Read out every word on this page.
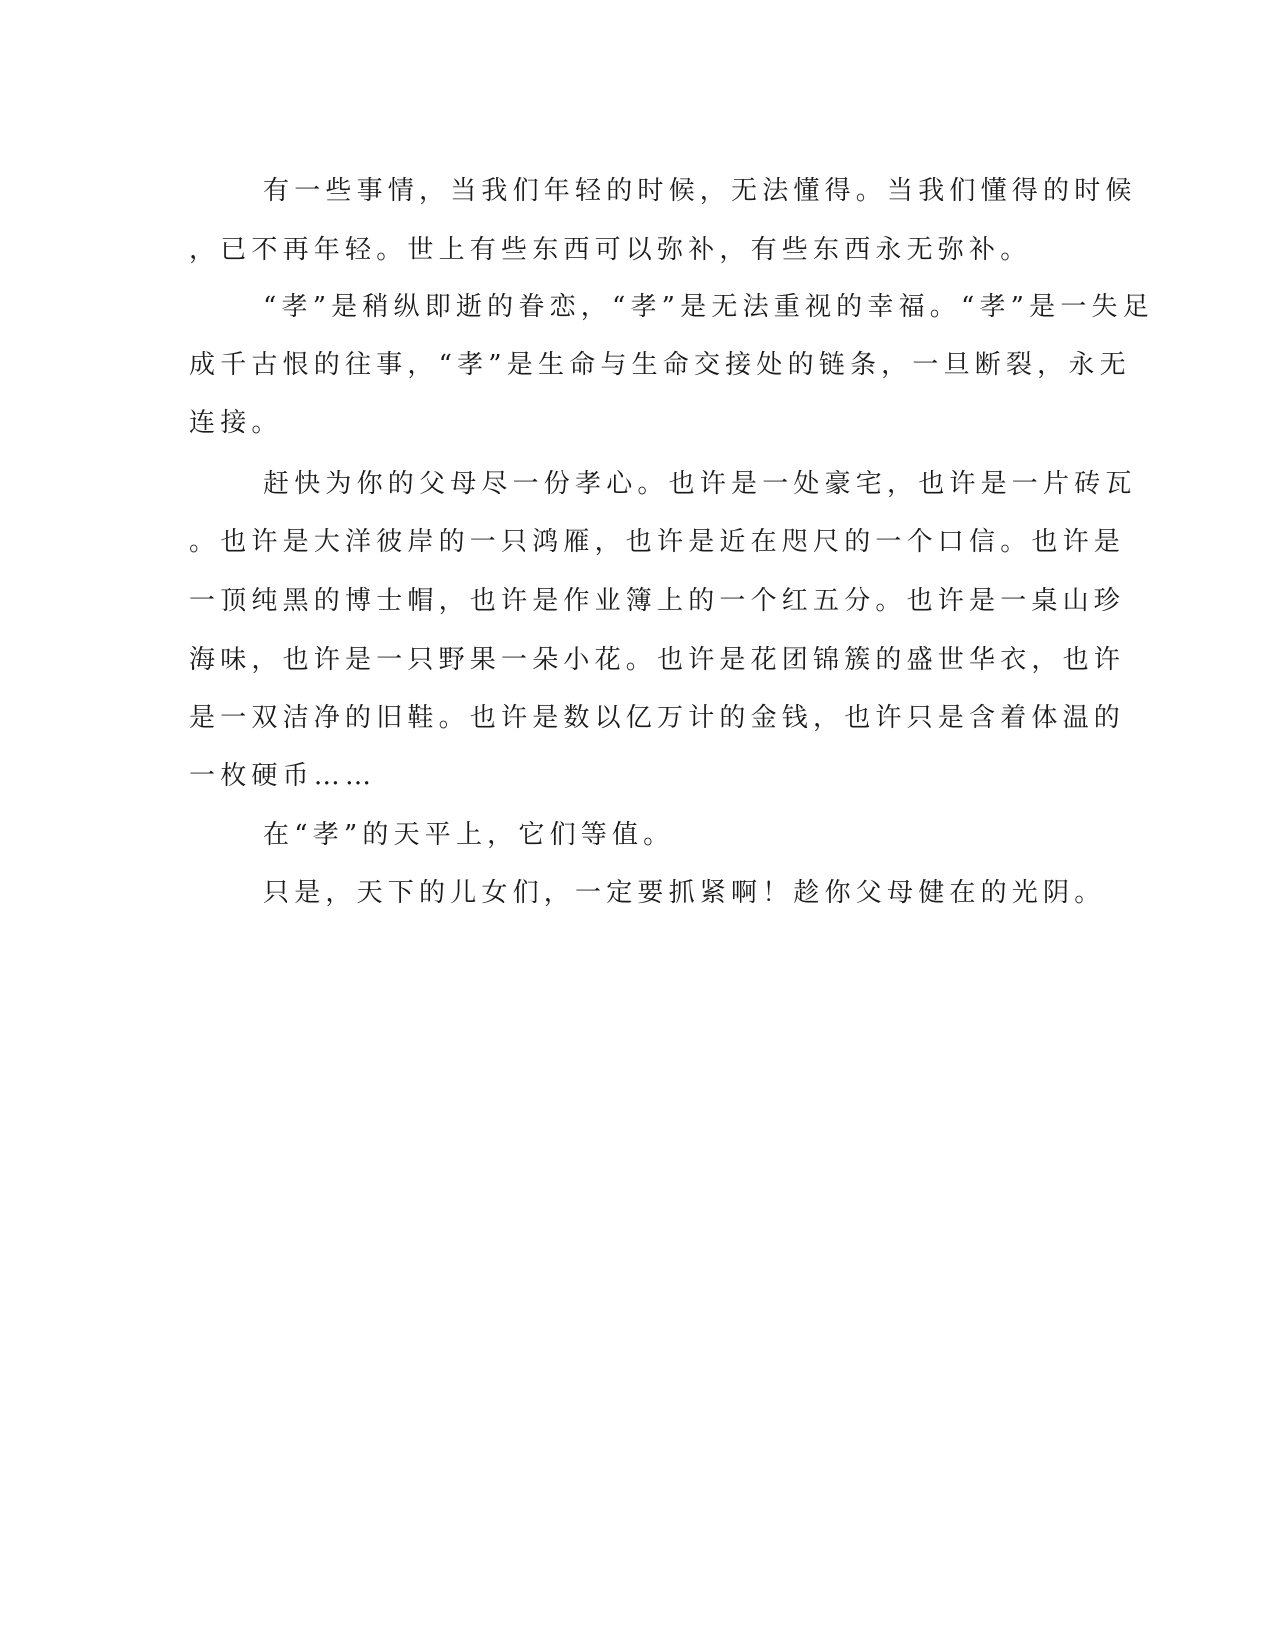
有一些事情，当我们年轻的时候，无法懂得。当我们懂得的时候
，已不再年轻。世上有些东西可以弥补，有些东西永无弥补。
“孝”是稍纵即逝的眷恋，“孝”是无法重视的幸福。“孝”是一失足
成千古恨的往事，“孝”是生命与生命交接处的链条，一旦断裂，永无
连接。
赶快为你的父母尽一份孝心。也许是一处豪宅，也许是一片砖瓦
。也许是大洋彼岸的一只鸿雁，也许是近在咫尺的一个口信。也许是
一顶纯黑的博士帽，也许是作业簿上的一个红五分。也许是一桌山珍
海味，也许是一只野果一朵小花。也许是花团锦簇的盛世华衣，也许
是一双洁净的旧鞋。也许是数以亿万计的金钱，也许只是含着体温的
一枚硬币……
在“孝”的天平上，它们等值。
只是，天下的儿女们，一定要抓紧啊！趁你父母健在的光阴。
